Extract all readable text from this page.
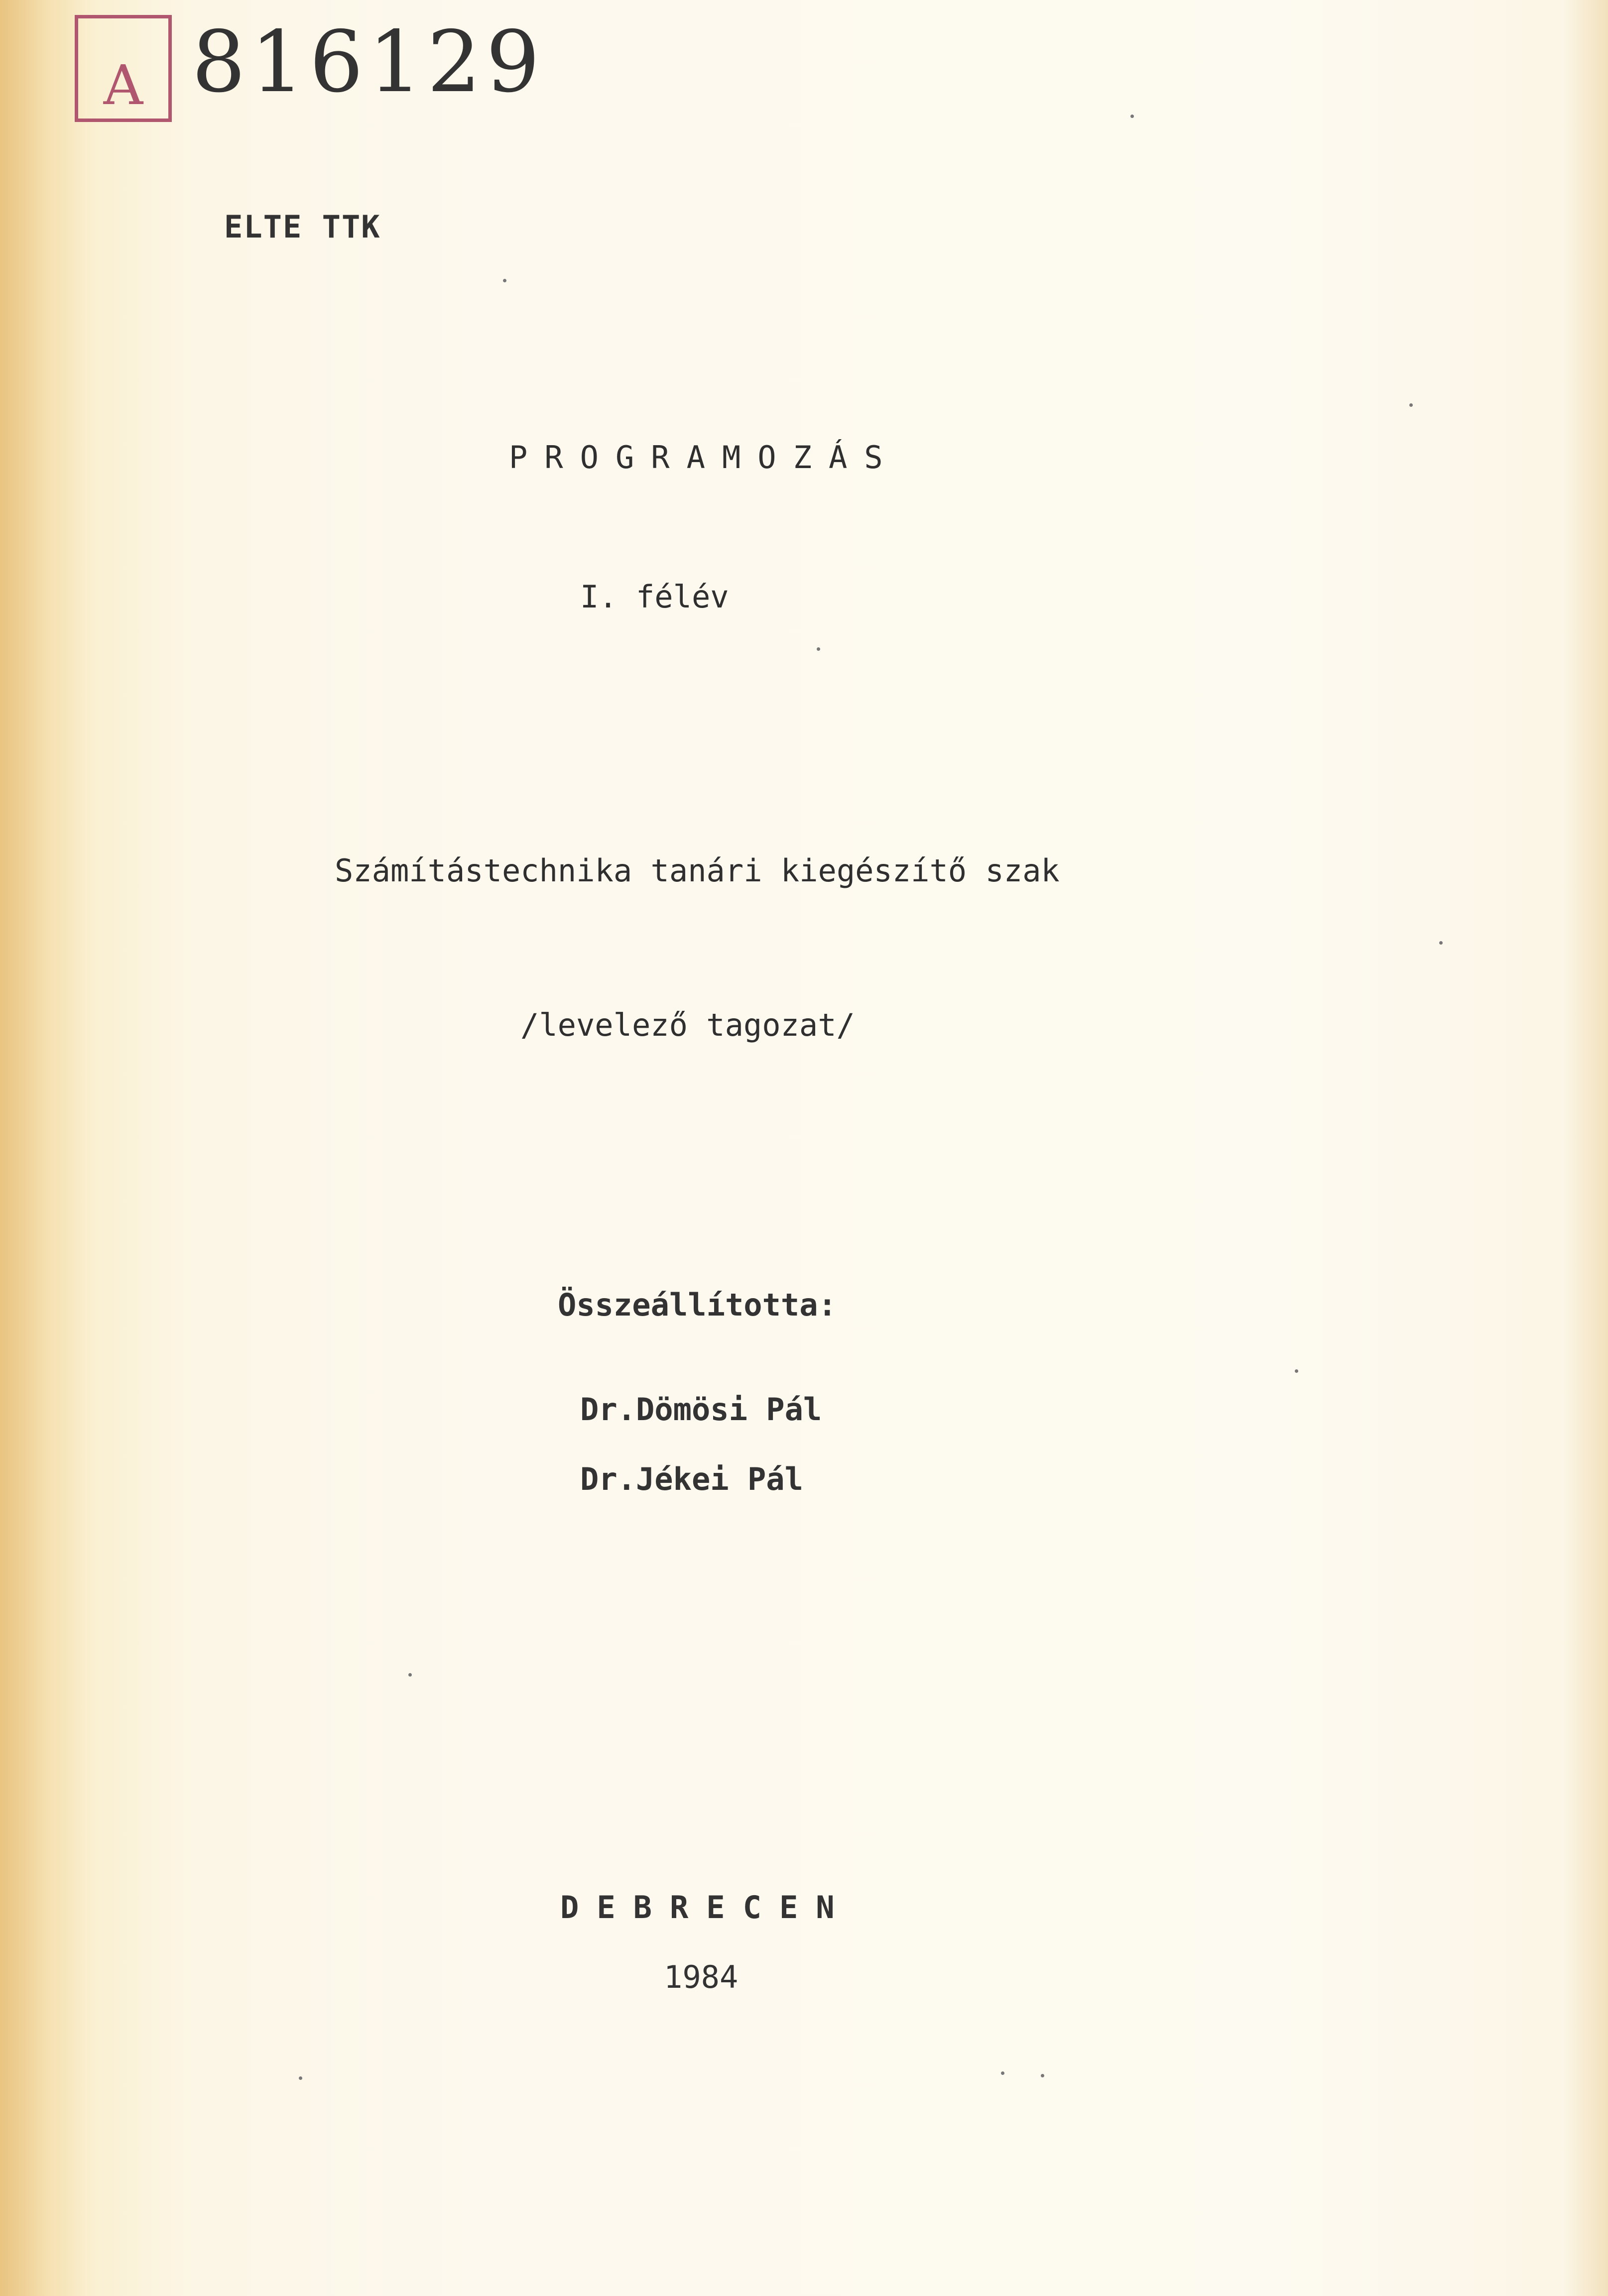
A 816129
ELTE TTK
PROGRAMOZÁS
I. félév
Számítástechnika tanári kiegészítő szak
/levelező tagozat/
Összeállította:
Dr.Dömösi Pál
Dr.Jékei Pál
DEBRECEN
1984
